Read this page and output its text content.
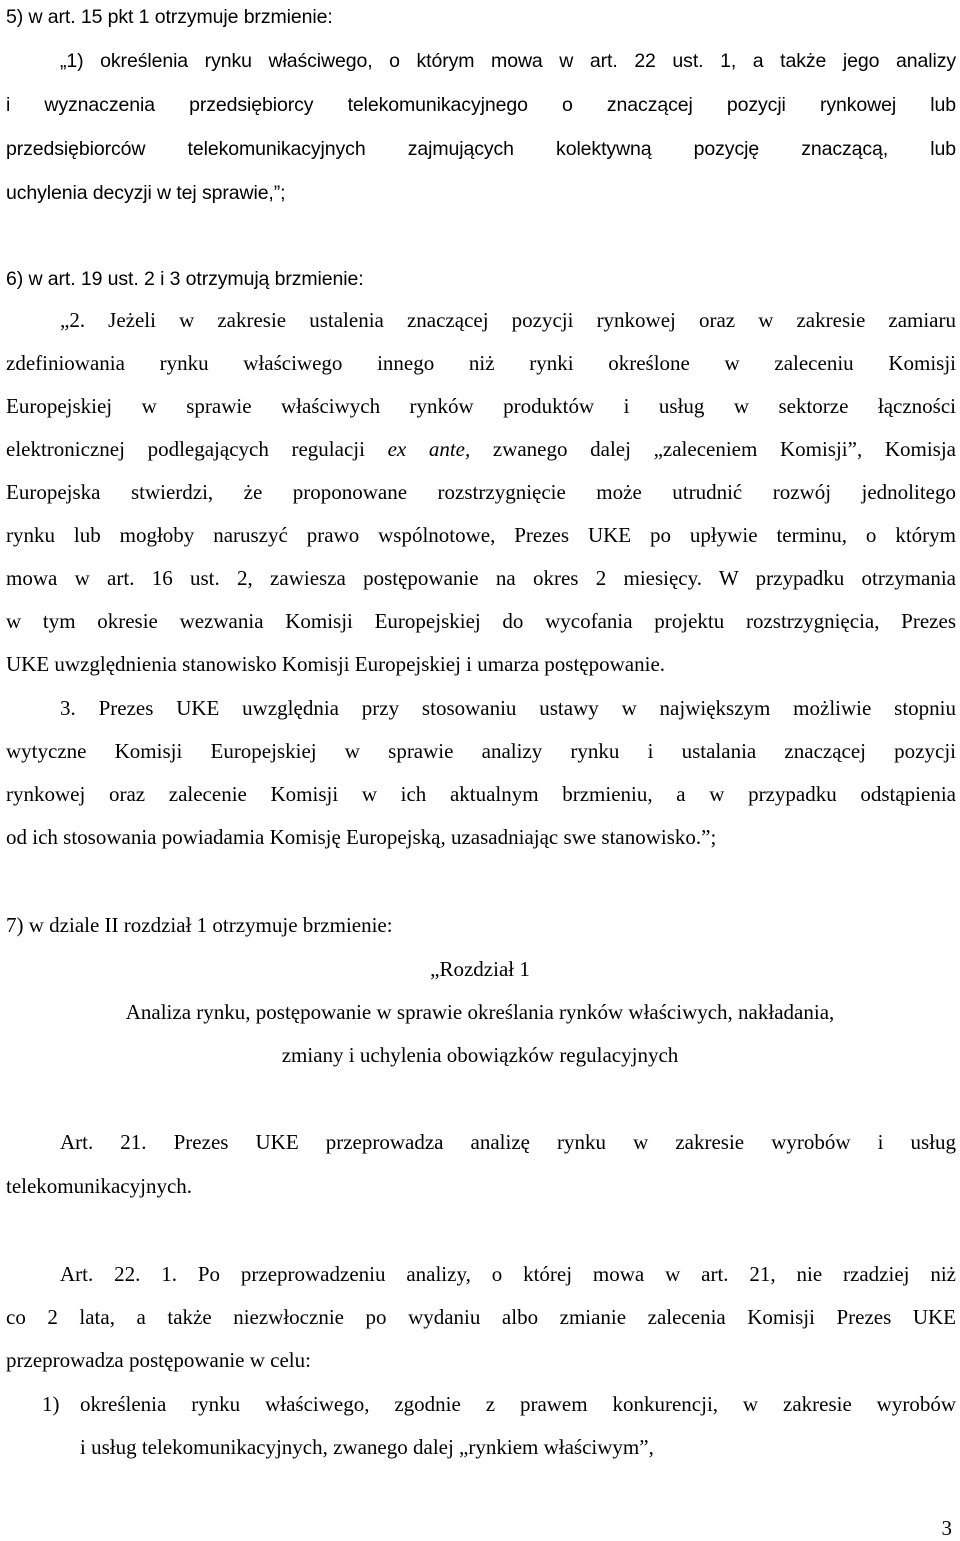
5) w art. 15 pkt 1 otrzymuje brzmienie:
„1) określenia rynku właściwego, o którym mowa w art. 22 ust. 1, a także jego analizy
i wyznaczenia przedsiębiorcy telekomunikacyjnego o znaczącej pozycji rynkowej lub
przedsiębiorców telekomunikacyjnych zajmujących kolektywną pozycję znaczącą, lub
uchylenia decyzji w tej sprawie,”;
6) w art. 19 ust. 2 i 3 otrzymują brzmienie:
„2. Jeżeli w zakresie ustalenia znaczącej pozycji rynkowej oraz w zakresie zamiaru
zdefiniowania rynku właściwego innego niż rynki określone w zaleceniu Komisji
Europejskiej w sprawie właściwych rynków produktów i usług w sektorze łączności
elektronicznej podlegających regulacji ex ante, zwanego dalej „zaleceniem Komisji”, Komisja
Europejska stwierdzi, że proponowane rozstrzygnięcie może utrudnić rozwój jednolitego
rynku lub mogłoby naruszyć prawo wspólnotowe, Prezes UKE po upływie terminu, o którym
mowa w art. 16 ust. 2, zawiesza postępowanie na okres 2 miesięcy. W przypadku otrzymania
w tym okresie wezwania Komisji Europejskiej do wycofania projektu rozstrzygnięcia, Prezes
UKE uwzględnienia stanowisko Komisji Europejskiej i umarza postępowanie.
3. Prezes UKE uwzględnia przy stosowaniu ustawy w największym możliwie stopniu
wytyczne Komisji Europejskiej w sprawie analizy rynku i ustalania znaczącej pozycji
rynkowej oraz zalecenie Komisji w ich aktualnym brzmieniu, a w przypadku odstąpienia
od ich stosowania powiadamia Komisję Europejską, uzasadniając swe stanowisko.”;
7) w dziale II rozdział 1 otrzymuje brzmienie:
„Rozdział 1
Analiza rynku, postępowanie w sprawie określania rynków właściwych, nakładania,
zmiany i uchylenia obowiązków regulacyjnych
Art. 21. Prezes UKE przeprowadza analizę rynku w zakresie wyrobów i usług
telekomunikacyjnych.
Art. 22. 1. Po przeprowadzeniu analizy, o której mowa w art. 21, nie rzadziej niż
co 2 lata, a także niezwłocznie po wydaniu albo zmianie zalecenia Komisji Prezes UKE
przeprowadza postępowanie w celu:
1) określenia rynku właściwego, zgodnie z prawem konkurencji, w zakresie wyrobów
i usług telekomunikacyjnych, zwanego dalej „rynkiem właściwym”,
3
